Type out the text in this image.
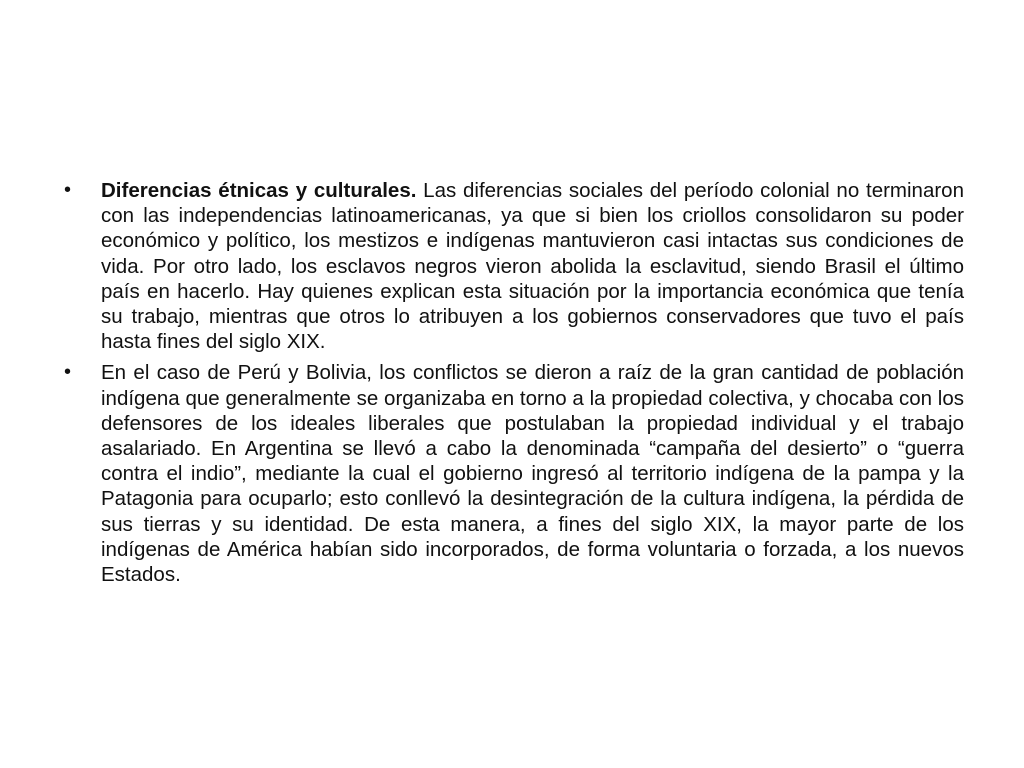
• Diferencias étnicas y culturales. Las diferencias sociales del período colonial no terminaron con las independencias latinoamericanas, ya que si bien los criollos consolidaron su poder económico y político, los mestizos e indígenas mantuvieron casi intactas sus condiciones de vida. Por otro lado, los esclavos negros vieron abolida la esclavitud, siendo Brasil el último país en hacerlo. Hay quienes explican esta situación por la importancia económica que tenía su trabajo, mientras que otros lo atribuyen a los gobiernos conservadores que tuvo el país hasta fines del siglo XIX.
• En el caso de Perú y Bolivia, los conflictos se dieron a raíz de la gran cantidad de población indígena que generalmente se organizaba en torno a la propiedad colectiva, y chocaba con los defensores de los ideales liberales que postulaban la propiedad individual y el trabajo asalariado. En Argentina se llevó a cabo la denominada “campaña del desierto” o “guerra contra el indio”, mediante la cual el gobierno ingresó al territorio indígena de la pampa y la Patagonia para ocuparlo; esto conllevó la desintegración de la cultura indígena, la pérdida de sus tierras y su identidad. De esta manera, a fines del siglo XIX, la mayor parte de los indígenas de América habían sido incorporados, de forma voluntaria o forzada, a los nuevos Estados.
